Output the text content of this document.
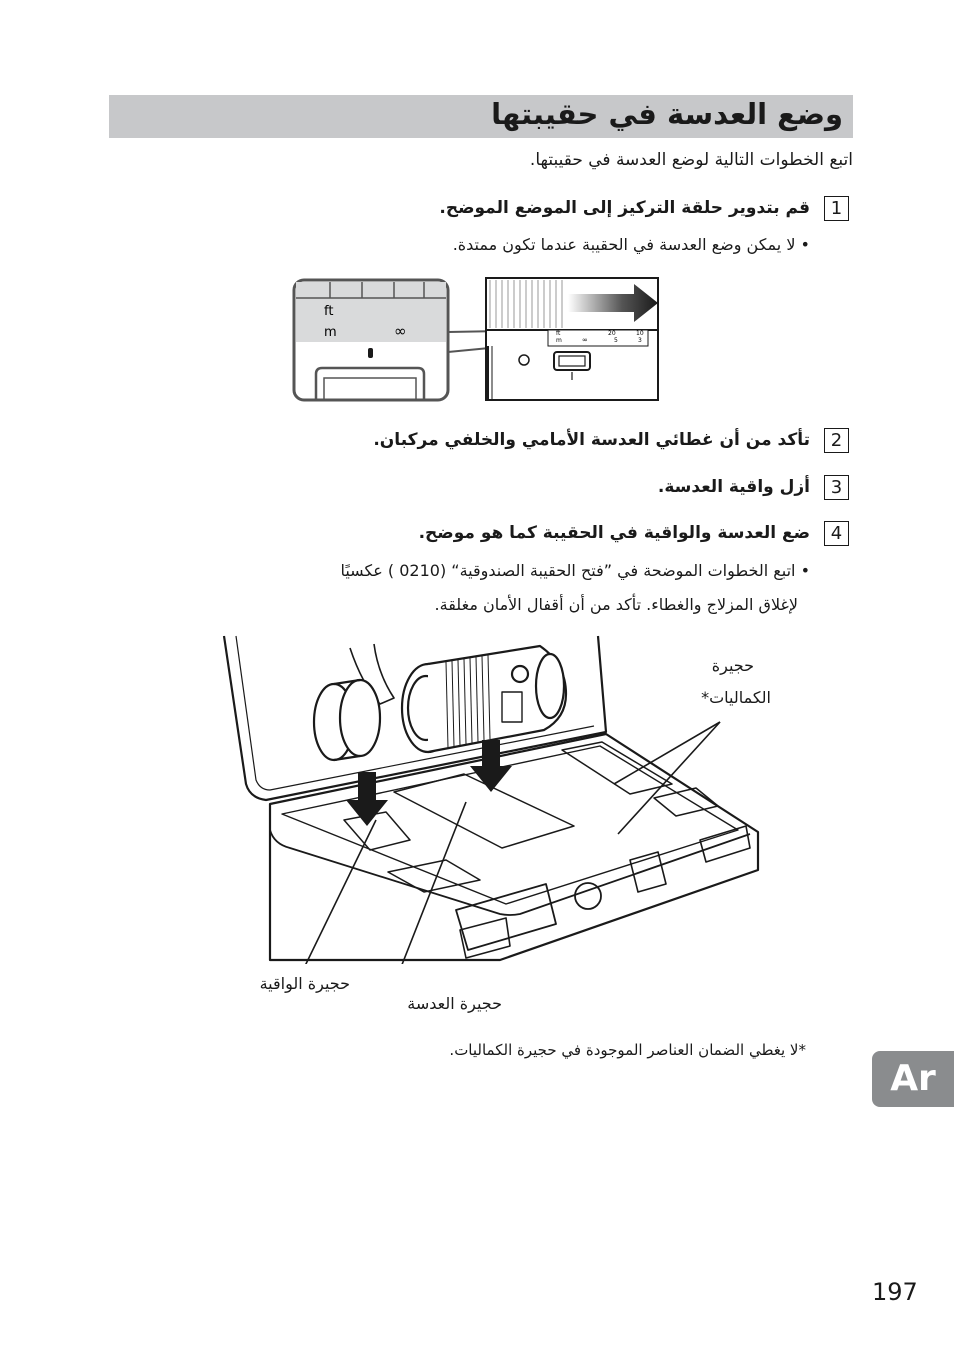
وضع العدسة في حقيبتها
اتبع الخطوات التالية لوضع العدسة في حقيبتها.
1
قم بتدوير حلقة التركيز إلى الموضع الموضح.
• لا يمكن وضع العدسة في الحقيبة عندما تكون ممتدة.
ft
m	∞	ft
m	∞
20	10
5	3
2
تأكد من أن غطائي العدسة الأمامي والخلفي مركبان.
3
أزل واقية العدسة.
4
ضع العدسة والواقية في الحقيبة كما هو موضح.
• اتبع الخطوات الموضحة في ”فتح الحقيبة الصندوقية“ (0210 ) عكسيًا
لإغلاق المزلاج والغطاء. تأكد من أن أقفال الأمان مغلقة.
حجيرة
الكماليات*
حجيرة الواقية
حجيرة العدسة
*لا يغطي الضمان العناصر الموجودة في حجيرة الكماليات.
Ar
197
